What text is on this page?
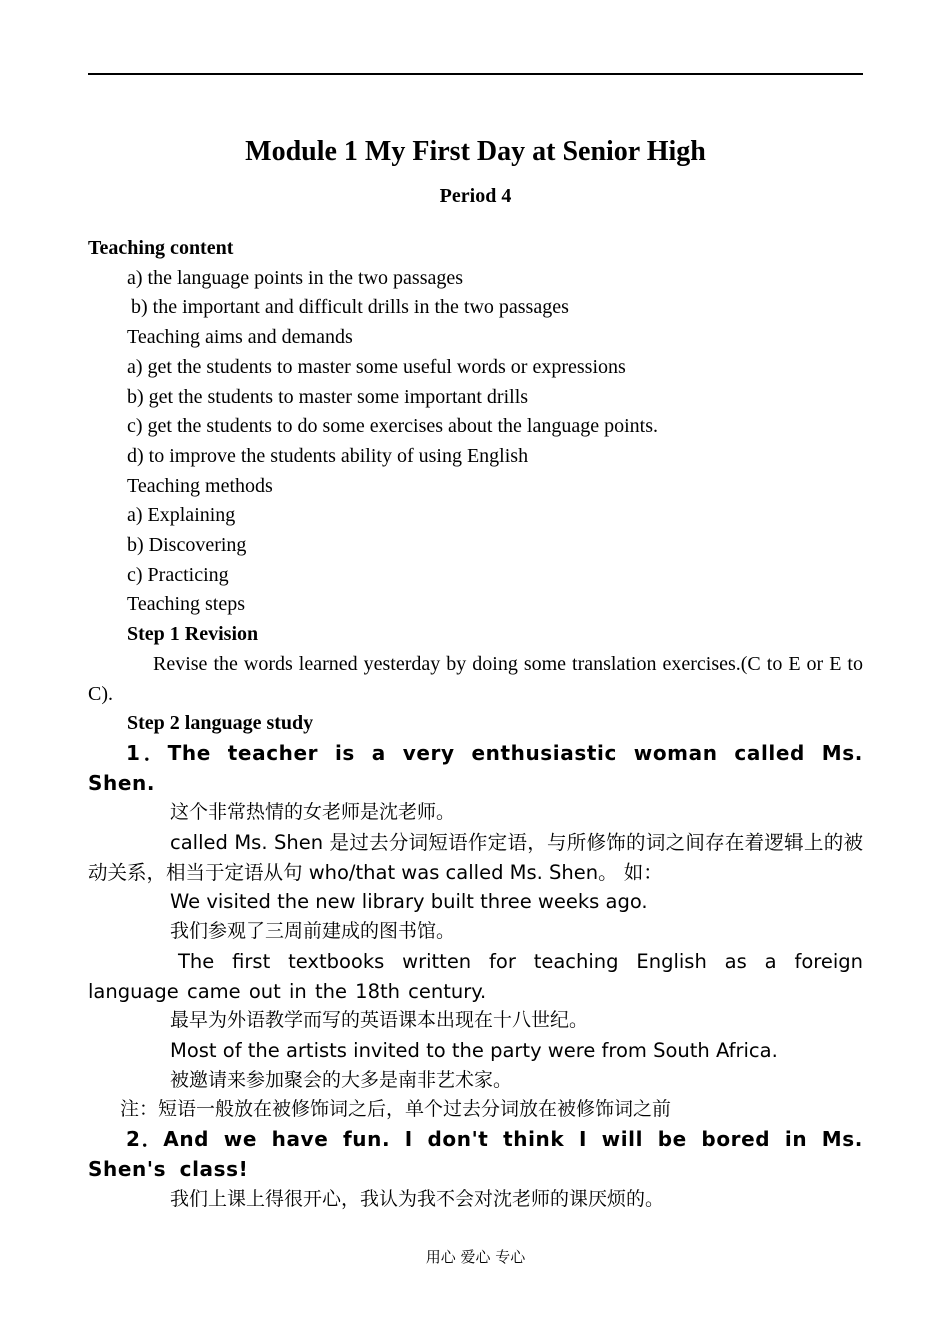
Module 1 My First Day at Senior High
Period 4
Teaching content
a) the language points in the two passages
b) the important and difficult drills in the two passages
Teaching aims and demands
a) get the students to master some useful words or expressions
b) get the students to master some important drills
c) get the students to do some exercises about the language points.
d) to improve the students ability of using English
Teaching methods
a) Explaining
b) Discovering
c) Practicing
Teaching steps
Step 1 Revision
Revise the words learned yesterday by doing some translation exercises.(C to E or E to C).
Step 2 language study
1．The teacher is a very enthusiastic woman called Ms. Shen.
这个非常热情的女老师是沈老师。
called Ms. Shen 是过去分词短语作定语，与所修饰的词之间存在着逻辑上的被动关系，相当于定语从句 who/that was called Ms. Shen。 如：
We visited the new library built three weeks ago.
我们参观了三周前建成的图书馆。
The first textbooks written for teaching English as a foreign language came out in the 18th century.
最早为外语教学而写的英语课本出现在十八世纪。
Most of the artists invited to the party were from South Africa.
被邀请来参加聚会的大多是南非艺术家。
注：短语一般放在被修饰词之后，单个过去分词放在被修饰词之前
2．And we have fun. I don't think I will be bored in Ms. Shen's class!
我们上课上得很开心，我认为我不会对沈老师的课厌烦的。
用心 爱心 专心
